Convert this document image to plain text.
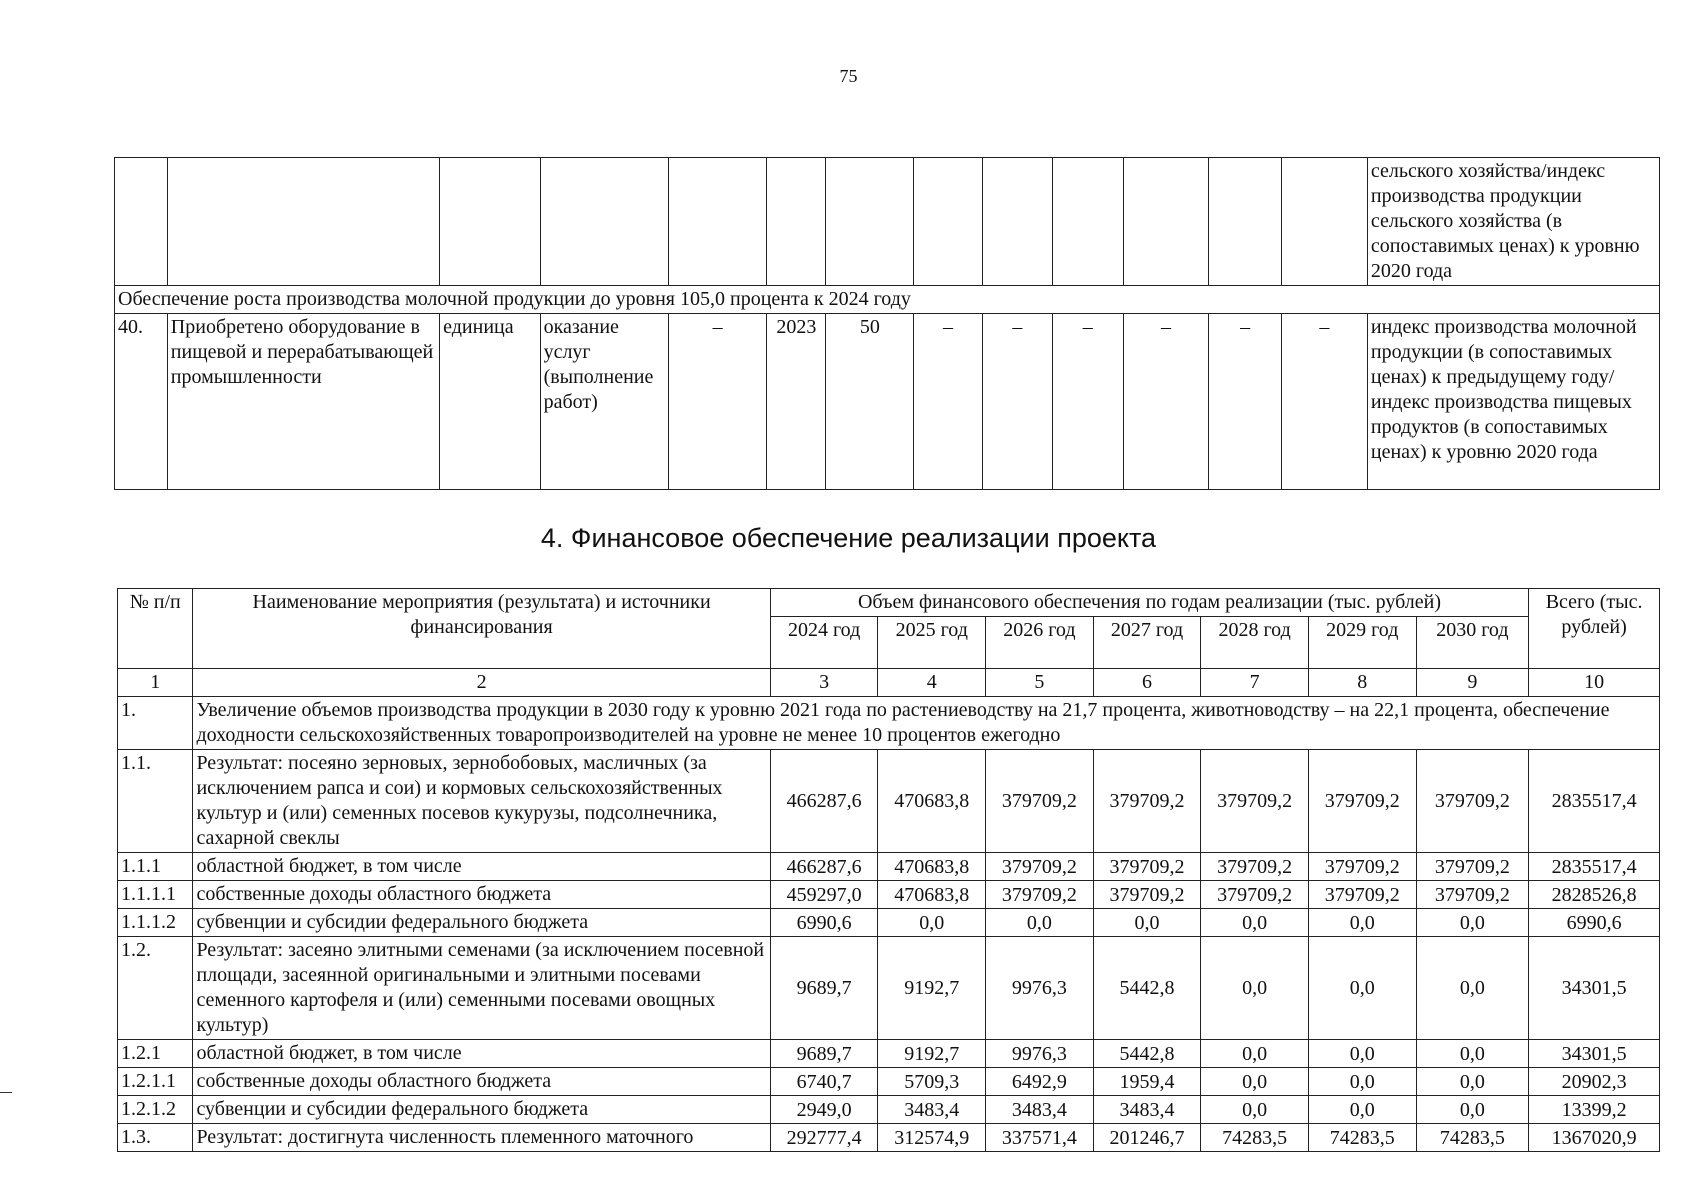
75
													сельского хозяйства/индекс производства продукции сельского хозяйства (в сопоставимых ценах) к уровню 2020 года
Обеспечение роста производства молочной продукции до уровня 105,0 процента к 2024 году													
40.	Приобретено оборудование в пищевой и перерабатывающей промышленности	единица	оказание услуг (выполнение работ)	–	2023	50	–	–	–	–	–	–	индекс производства молочной продукции (в сопоставимых ценах) к предыдущему году/индекс производства пищевых продуктов (в сопоставимых ценах) к уровню 2020 года
4. Финансовое обеспечение реализации проекта
№ п/п	Наименование мероприятия (результата) и источники финансирования	Объем финансового обеспечения по годам реализации (тыс. рублей)							Всего (тыс. рублей)
		2024 год	2025 год	2026 год	2027 год	2028 год	2029 год	2030 год	
1	2	3	4	5	6	7	8	9	10
1.	Увеличение объемов производства продукции в 2030 году к уровню 2021 года по растениеводству на 21,7 процента, животноводству – на 22,1 процента, обеспечение доходности сельскохозяйственных товаропроизводителей на уровне не менее 10 процентов ежегодно								
1.1.	Результат: посеяно зерновых, зернобобовых, масличных (за исключением рапса и сои) и кормовых сельскохозяйственных культур и (или) семенных посевов кукурузы, подсолнечника, сахарной свеклы	466287,6	470683,8	379709,2	379709,2	379709,2	379709,2	379709,2	2835517,4
1.1.1	областной бюджет, в том числе	466287,6	470683,8	379709,2	379709,2	379709,2	379709,2	379709,2	2835517,4
1.1.1.1	собственные доходы областного бюджета	459297,0	470683,8	379709,2	379709,2	379709,2	379709,2	379709,2	2828526,8
1.1.1.2	субвенции и субсидии федерального бюджета	6990,6	0,0	0,0	0,0	0,0	0,0	0,0	6990,6
1.2.	Результат: засеяно элитными семенами (за исключением посевной площади, засеянной оригинальными и элитными посевами семенного картофеля и (или) семенными посевами овощных культур)	9689,7	9192,7	9976,3	5442,8	0,0	0,0	0,0	34301,5
1.2.1	областной бюджет, в том числе	9689,7	9192,7	9976,3	5442,8	0,0	0,0	0,0	34301,5
1.2.1.1	собственные доходы областного бюджета	6740,7	5709,3	6492,9	1959,4	0,0	0,0	0,0	20902,3
1.2.1.2	субвенции и субсидии федерального бюджета	2949,0	3483,4	3483,4	3483,4	0,0	0,0	0,0	13399,2
1.3.	Результат: достигнута численность племенного маточного	292777,4	312574,9	337571,4	201246,7	74283,5	74283,5	74283,5	1367020,9
